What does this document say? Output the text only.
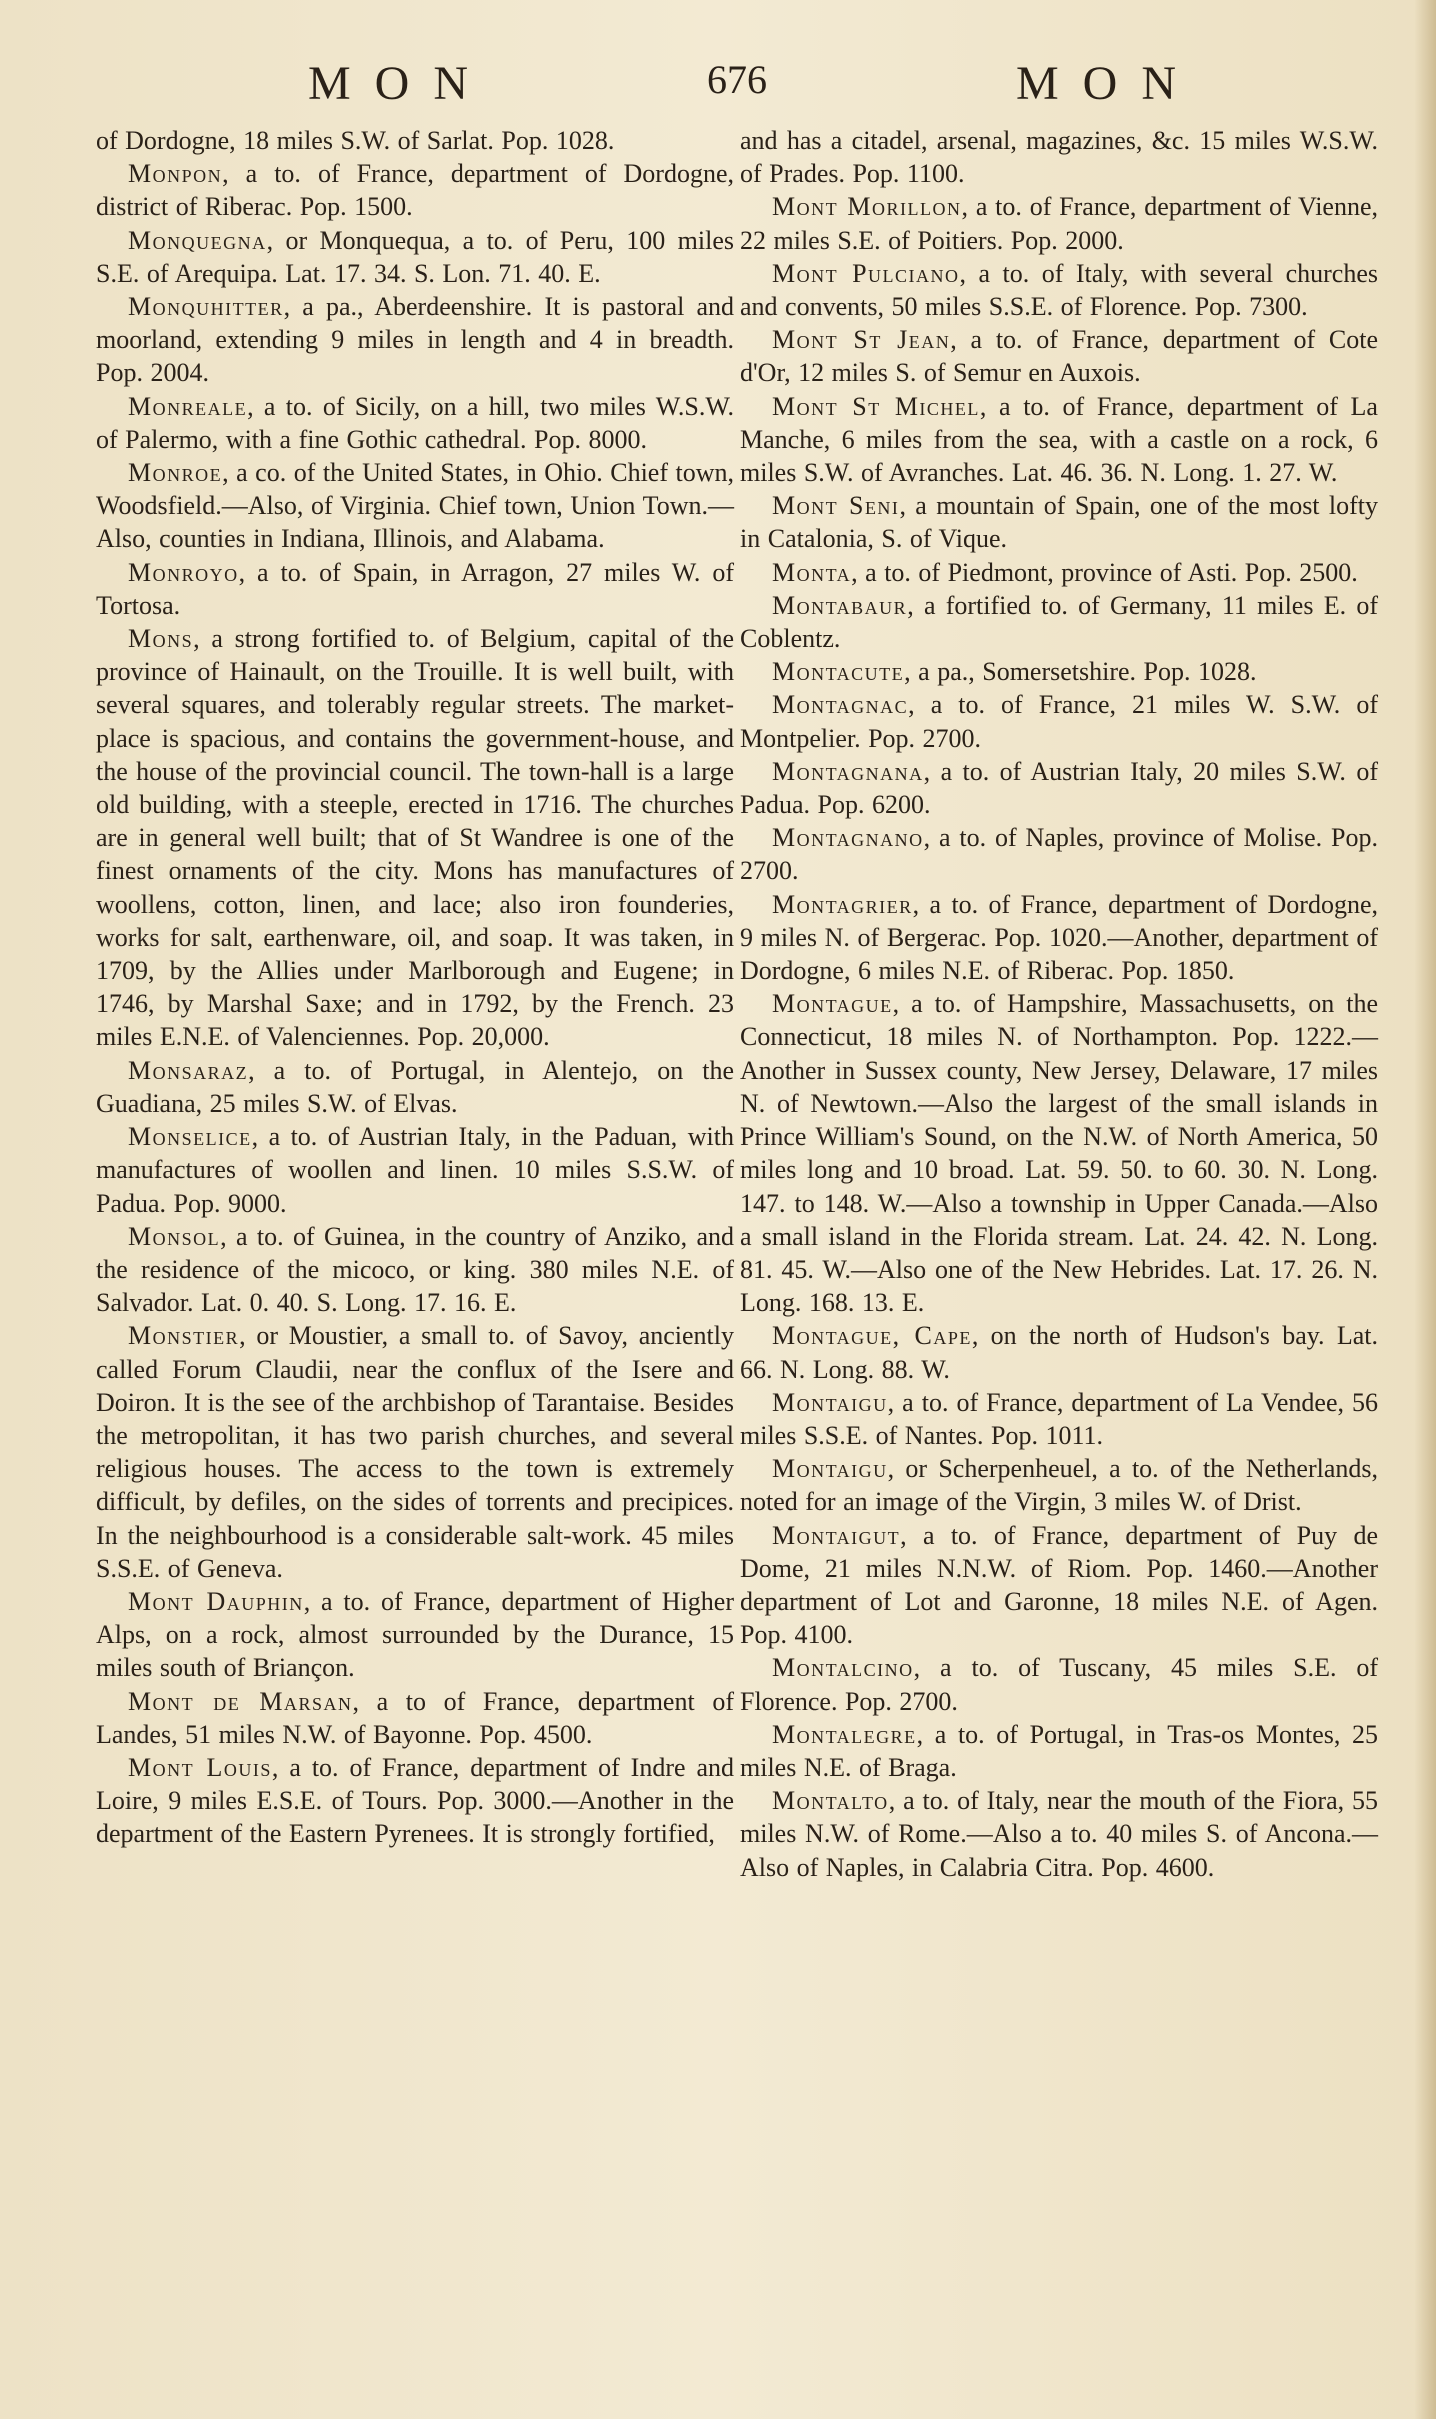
MON	676	MON

of Dordogne, 18 miles S.W. of Sarlat. Pop. 1028.

Monpon, a to. of France, department of Dordogne, district of Riberac. Pop. 1500.

Monquegna, or Monquequa, a to. of Peru, 100 miles S.E. of Arequipa. Lat. 17. 34. S. Lon. 71. 40. E.

Monquhitter, a pa., Aberdeenshire. It is pastoral and moorland, extending 9 miles in length and 4 in breadth. Pop. 2004.

Monreale, a to. of Sicily, on a hill, two miles W.S.W. of Palermo, with a fine Gothic cathedral. Pop. 8000.

Monroe, a co. of the United States, in Ohio. Chief town, Woodsfield.—Also, of Virginia. Chief town, Union Town.—Also, counties in Indiana, Illinois, and Alabama.

Monroyo, a to. of Spain, in Arragon, 27 miles W. of Tortosa.

Mons, a strong fortified to. of Belgium, capital of the province of Hainault, on the Trouille. It is well built, with several squares, and tolerably regular streets. The market-place is spacious, and contains the government-house, and the house of the provincial council. The town-hall is a large old building, with a steeple, erected in 1716. The churches are in general well built; that of St Wandree is one of the finest ornaments of the city. Mons has manufactures of woollens, cotton, linen, and lace; also iron founderies, works for salt, earthenware, oil, and soap. It was taken, in 1709, by the Allies under Marlborough and Eugene; in 1746, by Marshal Saxe; and in 1792, by the French. 23 miles E.N.E. of Valenciennes. Pop. 20,000.

Monsaraz, a to. of Portugal, in Alentejo, on the Guadiana, 25 miles S.W. of Elvas.

Monselice, a to. of Austrian Italy, in the Paduan, with manufactures of woollen and linen. 10 miles S.S.W. of Padua. Pop. 9000.

Monsol, a to. of Guinea, in the country of Anziko, and the residence of the micoco, or king. 380 miles N.E. of Salvador. Lat. 0. 40. S. Long. 17. 16. E.

Monstier, or Moustier, a small to. of Savoy, anciently called Forum Claudii, near the conflux of the Isere and Doiron. It is the see of the archbishop of Tarantaise. Besides the metropolitan, it has two parish churches, and several religious houses. The access to the town is extremely difficult, by defiles, on the sides of torrents and precipices. In the neighbourhood is a considerable salt-work. 45 miles S.S.E. of Geneva.

Mont Dauphin, a to. of France, department of Higher Alps, on a rock, almost surrounded by the Durance, 15 miles south of Briançon.

Mont de Marsan, a to of France, department of Landes, 51 miles N.W. of Bayonne. Pop. 4500.

Mont Louis, a to. of France, department of Indre and Loire, 9 miles E.S.E. of Tours. Pop. 3000.—Another in the department of the Eastern Pyrenees. It is strongly fortified,

and has a citadel, arsenal, magazines, &c. 15 miles W.S.W. of Prades. Pop. 1100.

Mont Morillon, a to. of France, department of Vienne, 22 miles S.E. of Poitiers. Pop. 2000.

Mont Pulciano, a to. of Italy, with several churches and convents, 50 miles S.S.E. of Florence. Pop. 7300.

Mont St Jean, a to. of France, department of Cote d'Or, 12 miles S. of Semur en Auxois.

Mont St Michel, a to. of France, department of La Manche, 6 miles from the sea, with a castle on a rock, 6 miles S.W. of Avranches. Lat. 46. 36. N. Long. 1. 27. W.

Mont Seni, a mountain of Spain, one of the most lofty in Catalonia, S. of Vique.

Monta, a to. of Piedmont, province of Asti. Pop. 2500.

Montabaur, a fortified to. of Germany, 11 miles E. of Coblentz.

Montacute, a pa., Somersetshire. Pop. 1028.

Montagnac, a to. of France, 21 miles W. S.W. of Montpelier. Pop. 2700.

Montagnana, a to. of Austrian Italy, 20 miles S.W. of Padua. Pop. 6200.

Montagnano, a to. of Naples, province of Molise. Pop. 2700.

Montagrier, a to. of France, department of Dordogne, 9 miles N. of Bergerac. Pop. 1020.—Another, department of Dordogne, 6 miles N.E. of Riberac. Pop. 1850.

Montague, a to. of Hampshire, Massachusetts, on the Connecticut, 18 miles N. of Northampton. Pop. 1222.—Another in Sussex county, New Jersey, Delaware, 17 miles N. of Newtown.—Also the largest of the small islands in Prince William's Sound, on the N.W. of North America, 50 miles long and 10 broad. Lat. 59. 50. to 60. 30. N. Long. 147. to 148. W.—Also a township in Upper Canada.—Also a small island in the Florida stream. Lat. 24. 42. N. Long. 81. 45. W.—Also one of the New Hebrides. Lat. 17. 26. N. Long. 168. 13. E.

Montague, Cape, on the north of Hudson's bay. Lat. 66. N. Long. 88. W.

Montaigu, a to. of France, department of La Vendee, 56 miles S.S.E. of Nantes. Pop. 1011.

Montaigu, or Scherpenheuel, a to. of the Netherlands, noted for an image of the Virgin, 3 miles W. of Drist.

Montaigut, a to. of France, department of Puy de Dome, 21 miles N.N.W. of Riom. Pop. 1460.—Another department of Lot and Garonne, 18 miles N.E. of Agen. Pop. 4100.

Montalcino, a to. of Tuscany, 45 miles S.E. of Florence. Pop. 2700.

Montalegre, a to. of Portugal, in Tras-os Montes, 25 miles N.E. of Braga.

Montalto, a to. of Italy, near the mouth of the Fiora, 55 miles N.W. of Rome.—Also a to. 40 miles S. of Ancona.—Also of Naples, in Calabria Citra. Pop. 4600.
